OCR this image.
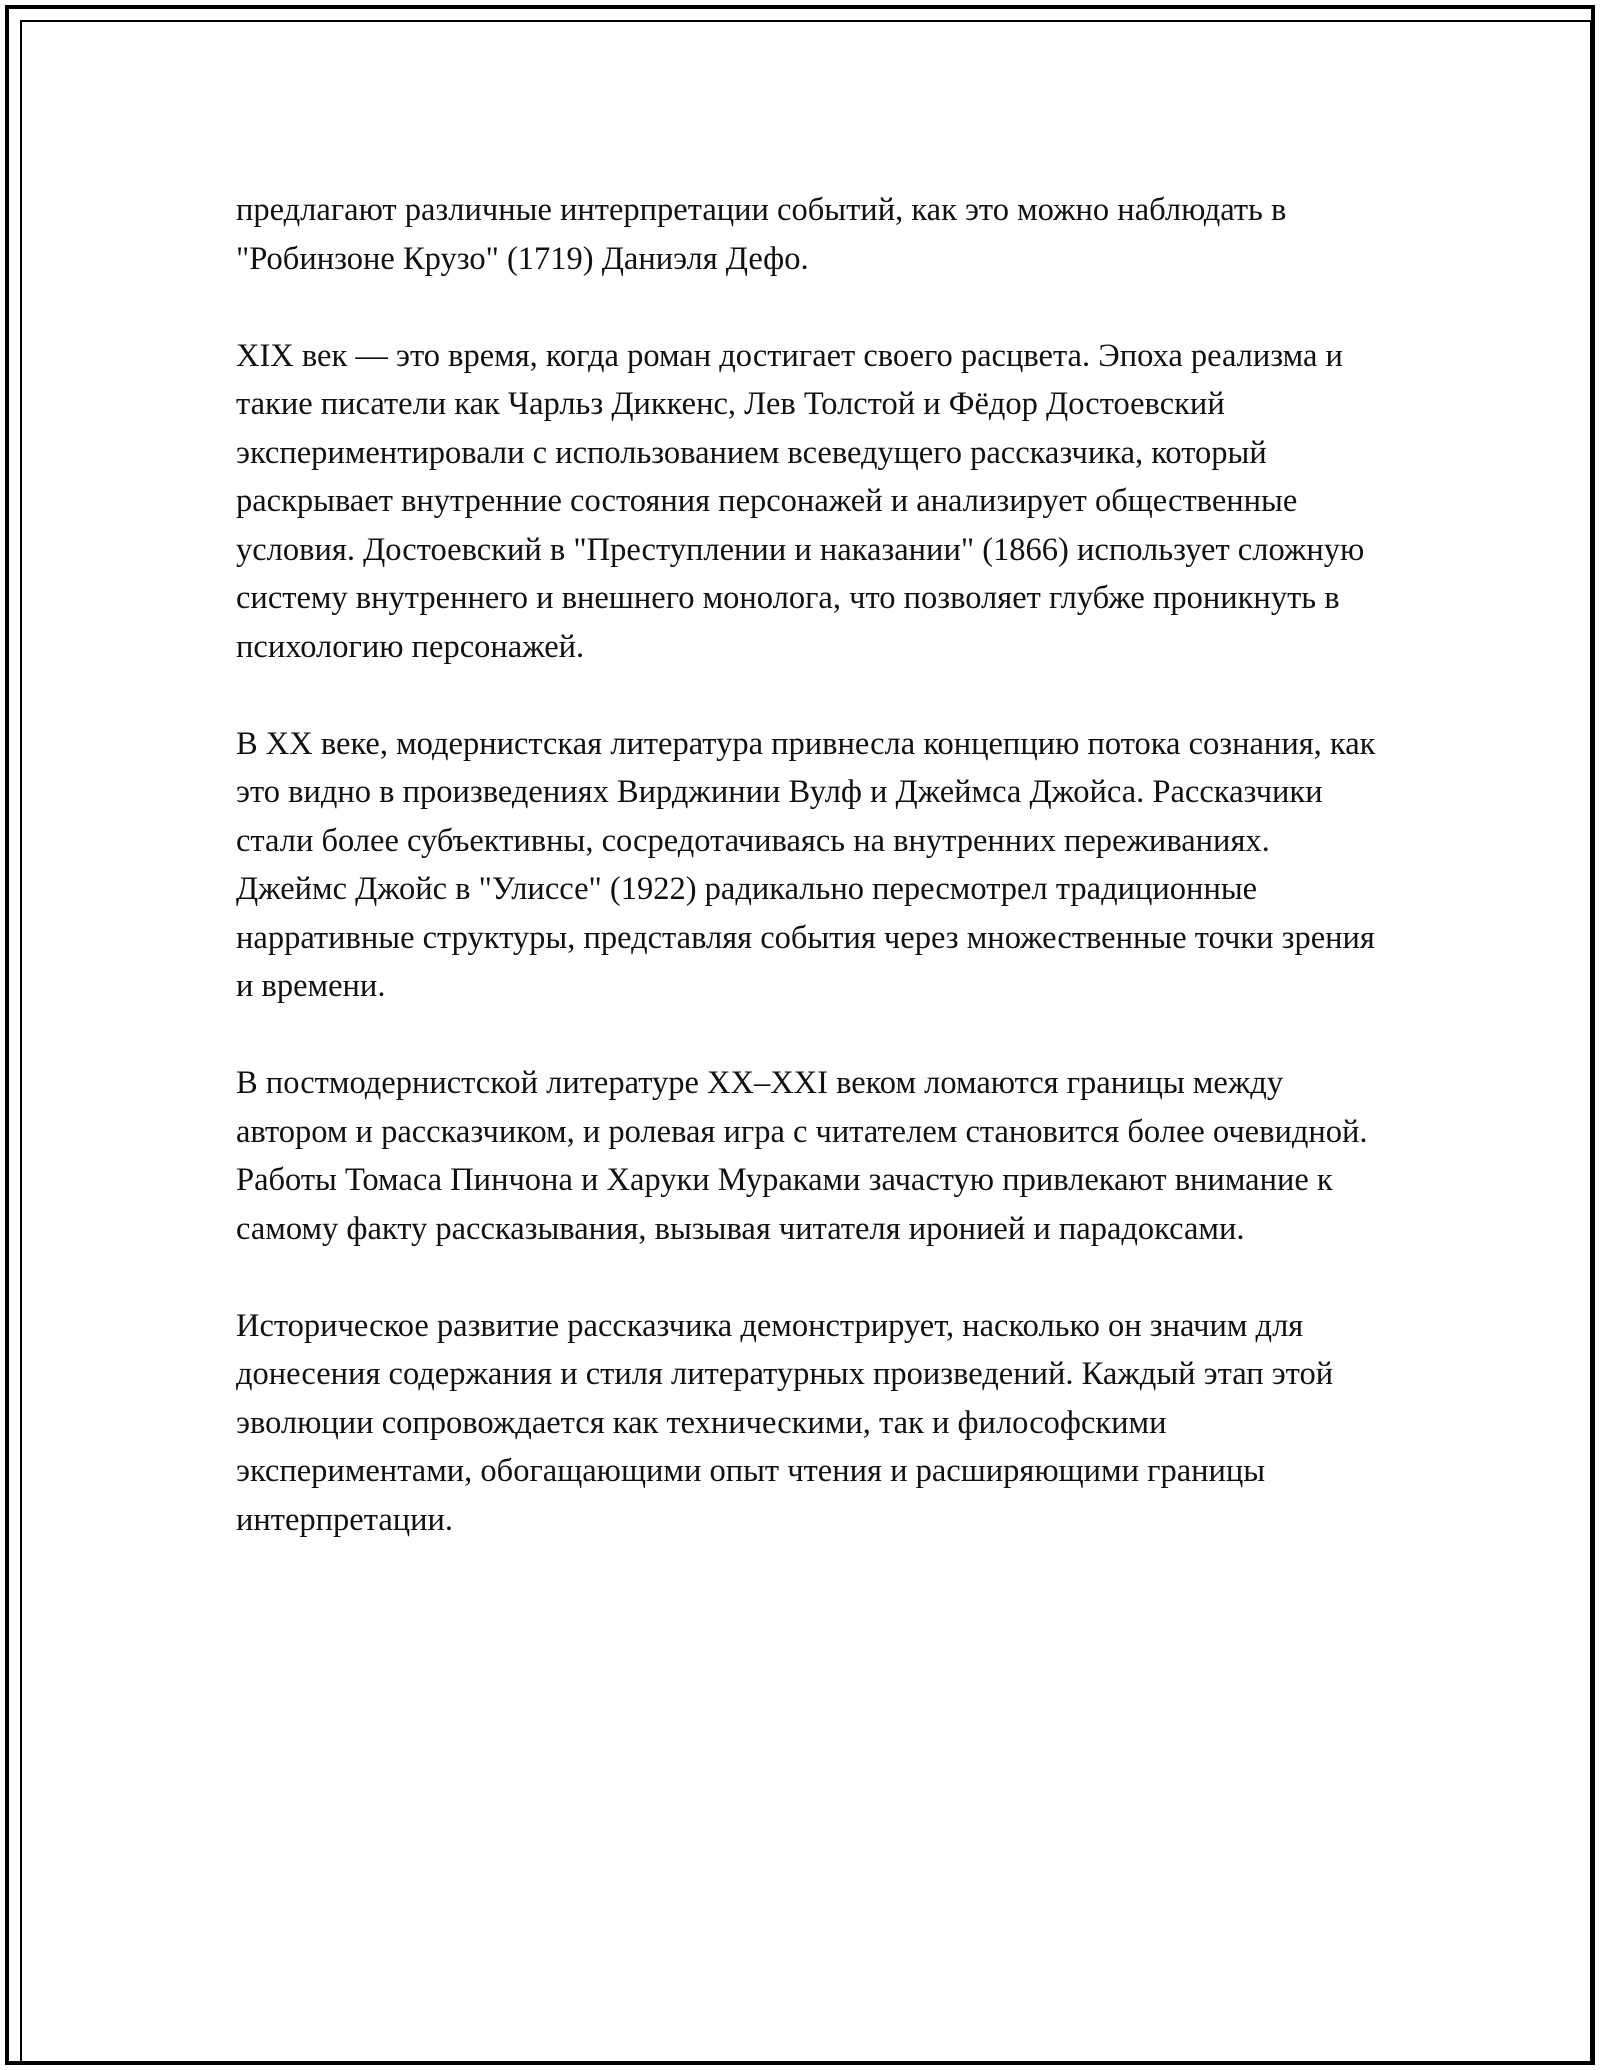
предлагают различные интерпретации событий, как это можно наблюдать в "Робинзоне Крузо" (1719) Даниэля Дефо.

XIX век — это время, когда роман достигает своего расцвета. Эпоха реализма и такие писатели как Чарльз Диккенс, Лев Толстой и Фёдор Достоевский экспериментировали с использованием всеведущего рассказчика, который раскрывает внутренние состояния персонажей и анализирует общественные условия. Достоевский в "Преступлении и наказании" (1866) использует сложную систему внутреннего и внешнего монолога, что позволяет глубже проникнуть в психологию персонажей.

В XX веке, модернистская литература привнесла концепцию потока сознания, как это видно в произведениях Вирджинии Вулф и Джеймса Джойса. Рассказчики стали более субъективны, сосредотачиваясь на внутренних переживаниях. Джеймс Джойс в "Улиссе" (1922) радикально пересмотрел традиционные нарративные структуры, представляя события через множественные точки зрения и времени.

В постмодернистской литературе XX–XXI веком ломаются границы между автором и рассказчиком, и ролевая игра с читателем становится более очевидной. Работы Томаса Пинчона и Харуки Мураками зачастую привлекают внимание к самому факту рассказывания, вызывая читателя иронией и парадоксами.

Историческое развитие рассказчика демонстрирует, насколько он значим для донесения содержания и стиля литературных произведений. Каждый этап этой эволюции сопровождается как техническими, так и философскими экспериментами, обогащающими опыт чтения и расширяющими границы интерпретации.
